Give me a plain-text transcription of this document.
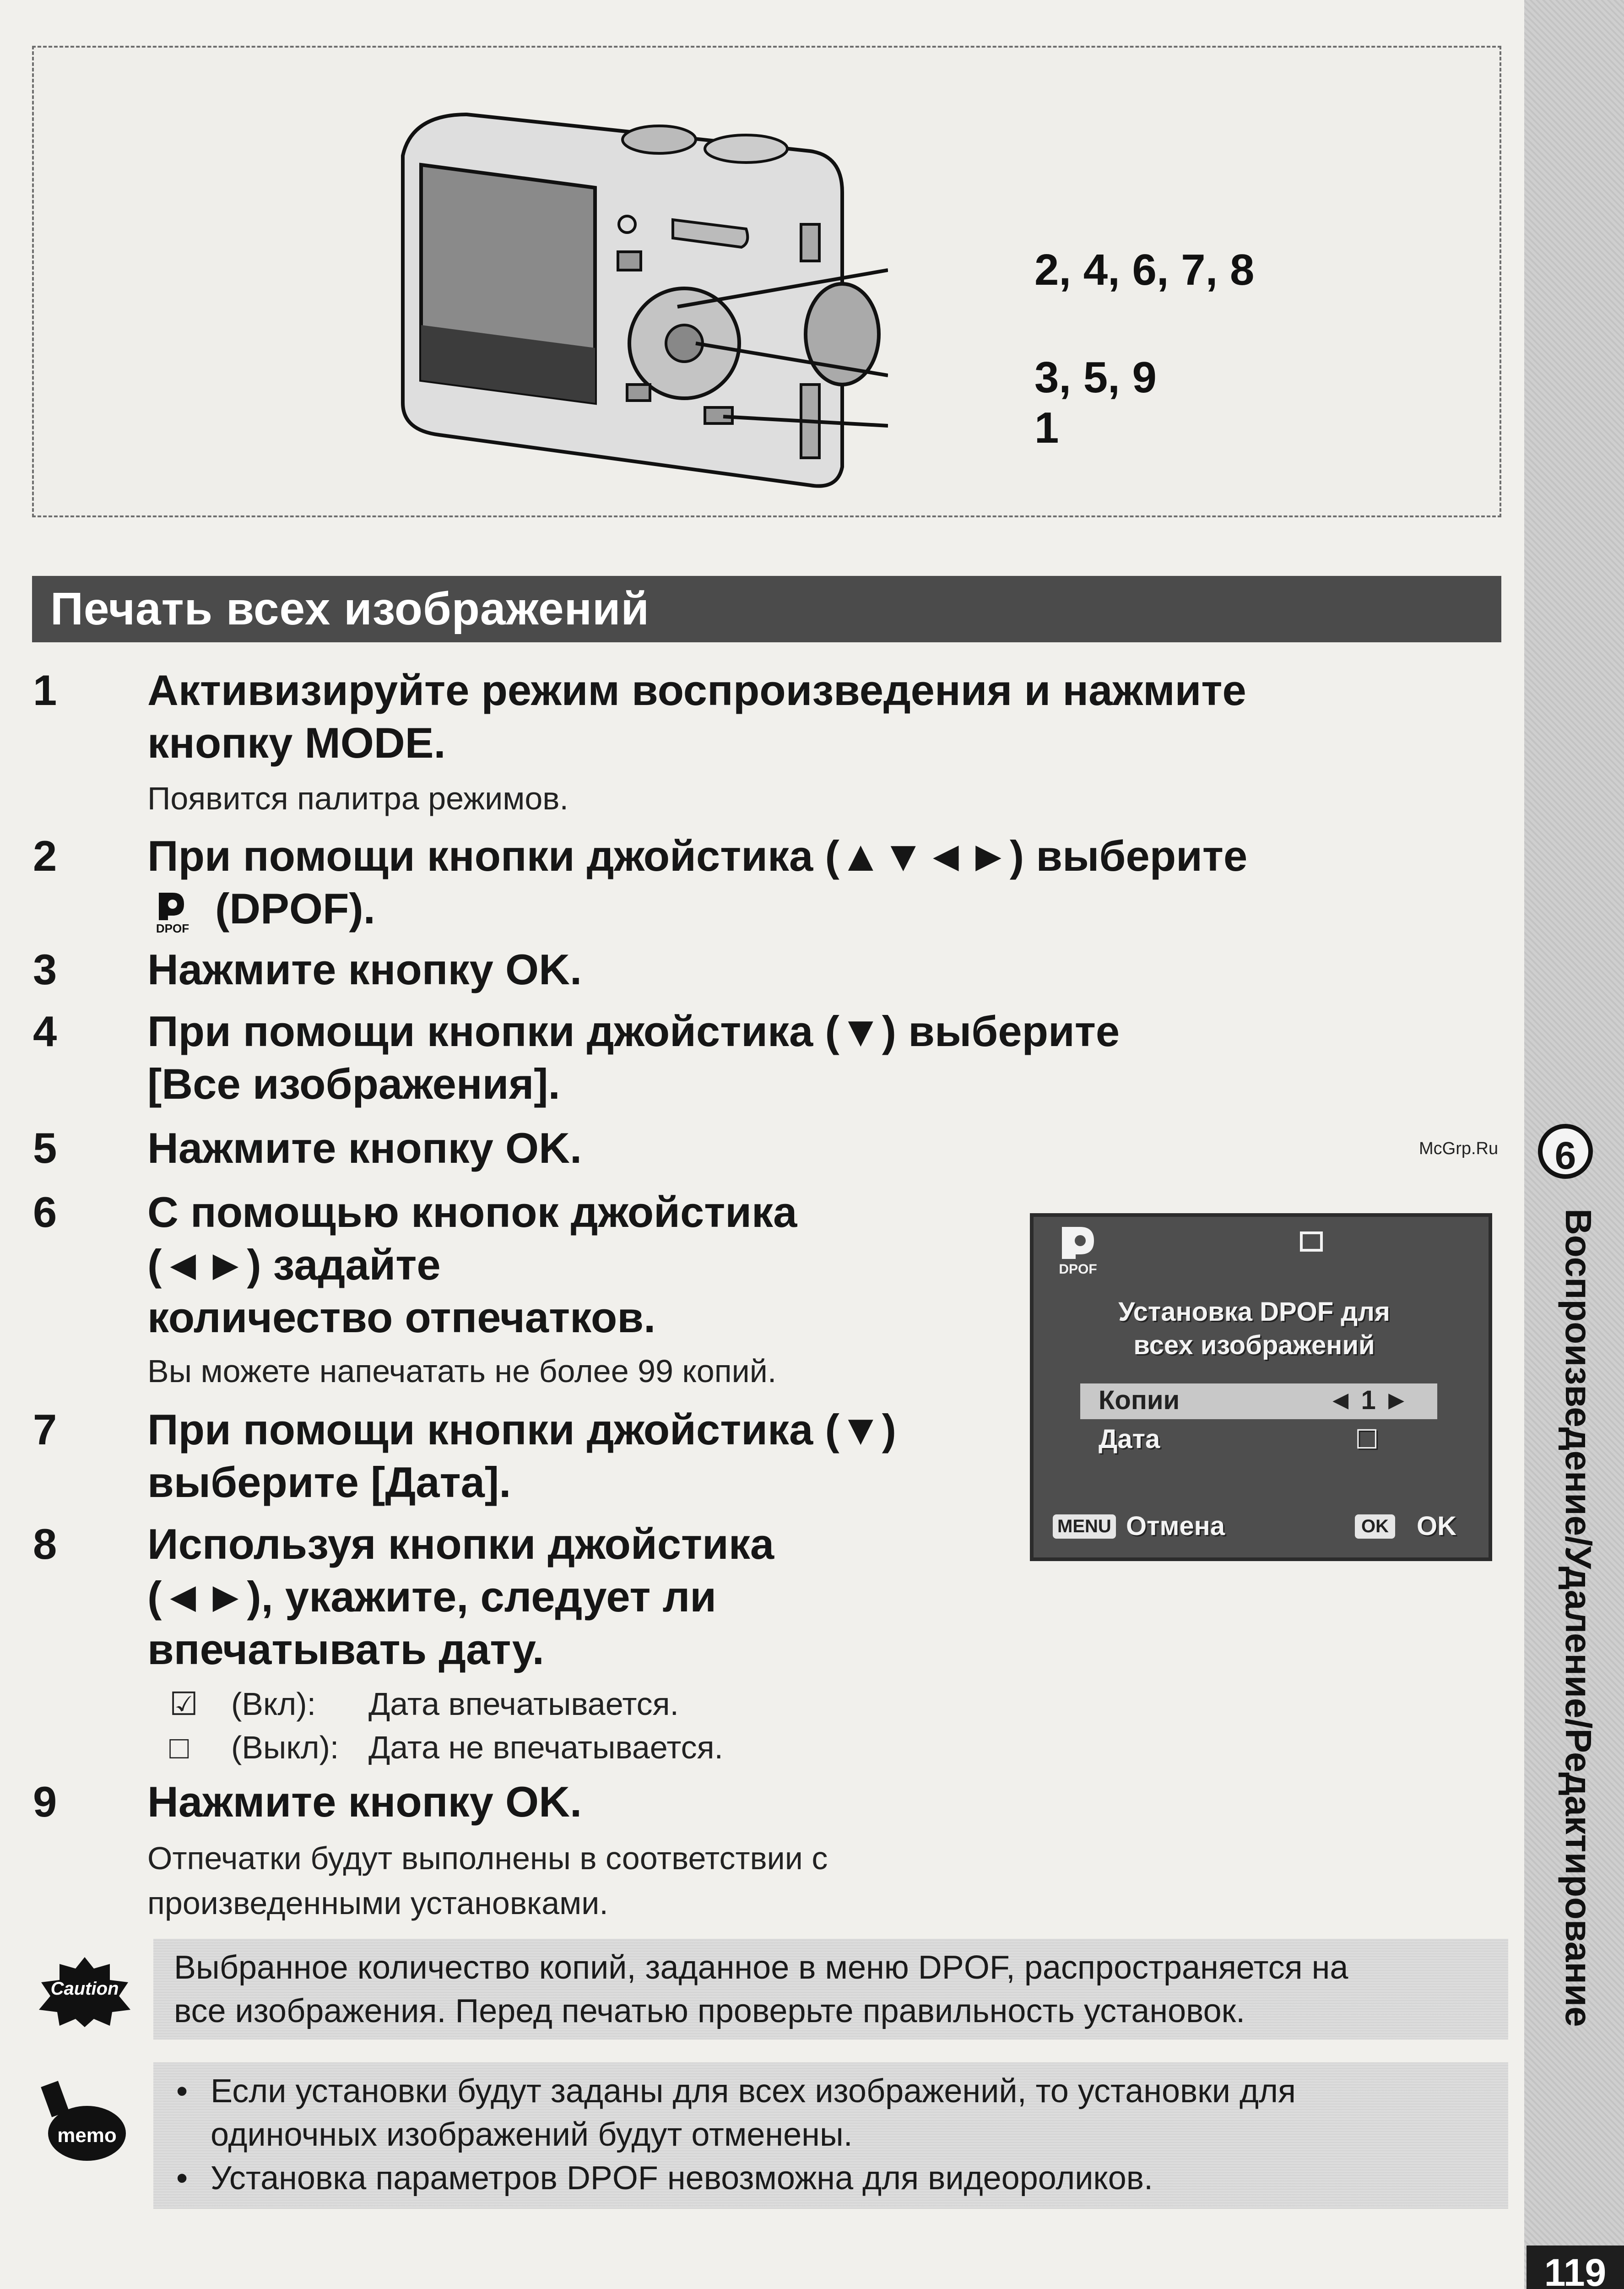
2, 4, 6, 7, 8
3, 5, 9
1
Печать всех изображений
1 Активизируйте режим воспроизведения и нажмите
кнопку MODE.
Появится палитра режимов.
2 При помощи кнопки джойстика (▲▼◄►) выберите
DPOF (DPOF).
3 Нажмите кнопку OK.
4 При помощи кнопки джойстика (▼) выберите
[Все изображения].
5 Нажмите кнопку OK.
6 С помощью кнопок джойстика
(◄►) задайте
количество отпечатков.
Вы можете напечатать не более 99 копий.
7 При помощи кнопки джойстика (▼)
выберите [Дата].
8 Используя кнопки джойстика
(◄►), укажите, следует ли
впечатывать дату.
☑ (Вкл): Дата впечатывается.
□ (Выкл): Дата не впечатывается.
9 Нажмите кнопку OK.
Отпечатки будут выполнены в соответствии с
произведенными установками.
DPOF
Установка DPOF для
всех изображений
Копии	◄ 1 ►
Дата	☐
MENU Отмена	OK OK
Caution
Выбранное количество копий, заданное в меню DPOF, распространяется на
все изображения. Перед печатью проверьте правильность установок.
memo
• Если установки будут заданы для всех изображений, то установки для
одиночных изображений будут отменены.
• Установка параметров DPOF невозможна для видеороликов.
McGrp.Ru	6
Воспроизведение/Удаление/Редактирование
119
